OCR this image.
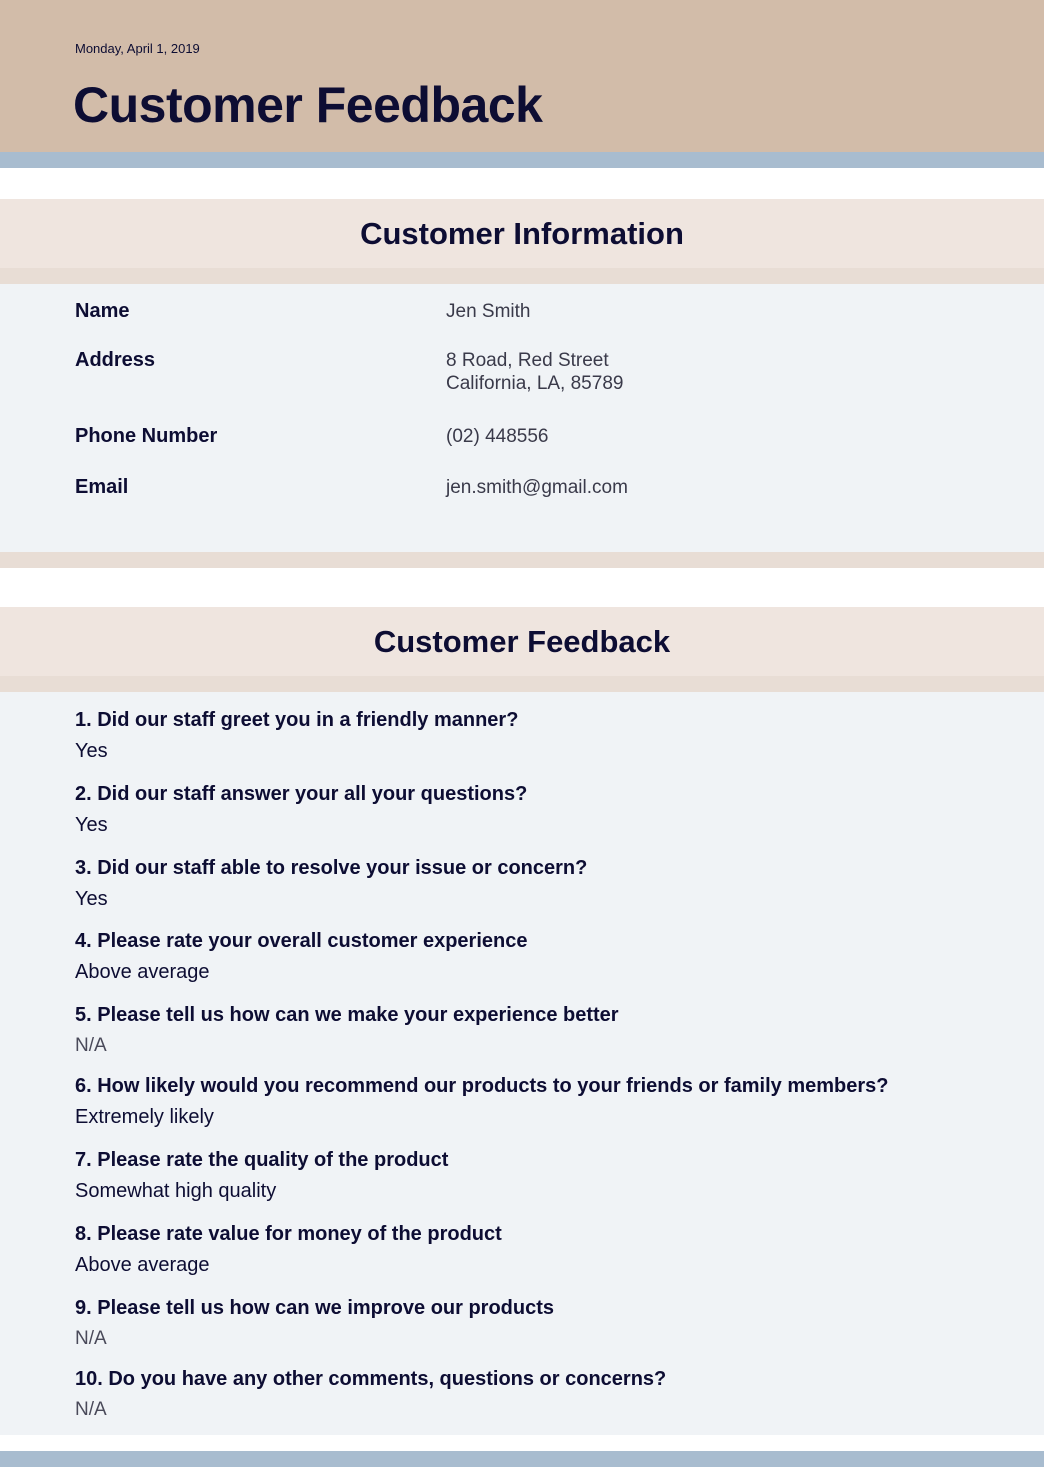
Monday, April 1, 2019
Customer Feedback
Customer Information
Name	Jen Smith
Address	8 Road, Red Street
California, LA, 85789
Phone Number	(02) 448556
Email	jen.smith@gmail.com
Customer Feedback
1. Did our staff greet you in a friendly manner?
Yes
2. Did our staff answer your all your questions?
Yes
3. Did our staff able to resolve your issue or concern?
Yes
4. Please rate your overall customer experience
Above average
5. Please tell us how can we make your experience better
N/A
6. How likely would you recommend our products to your friends or family members?
Extremely likely
7. Please rate the quality of the product
Somewhat high quality
8. Please rate value for money of the product
Above average
9. Please tell us how can we improve our products
N/A
10. Do you have any other comments, questions or concerns?
N/A
